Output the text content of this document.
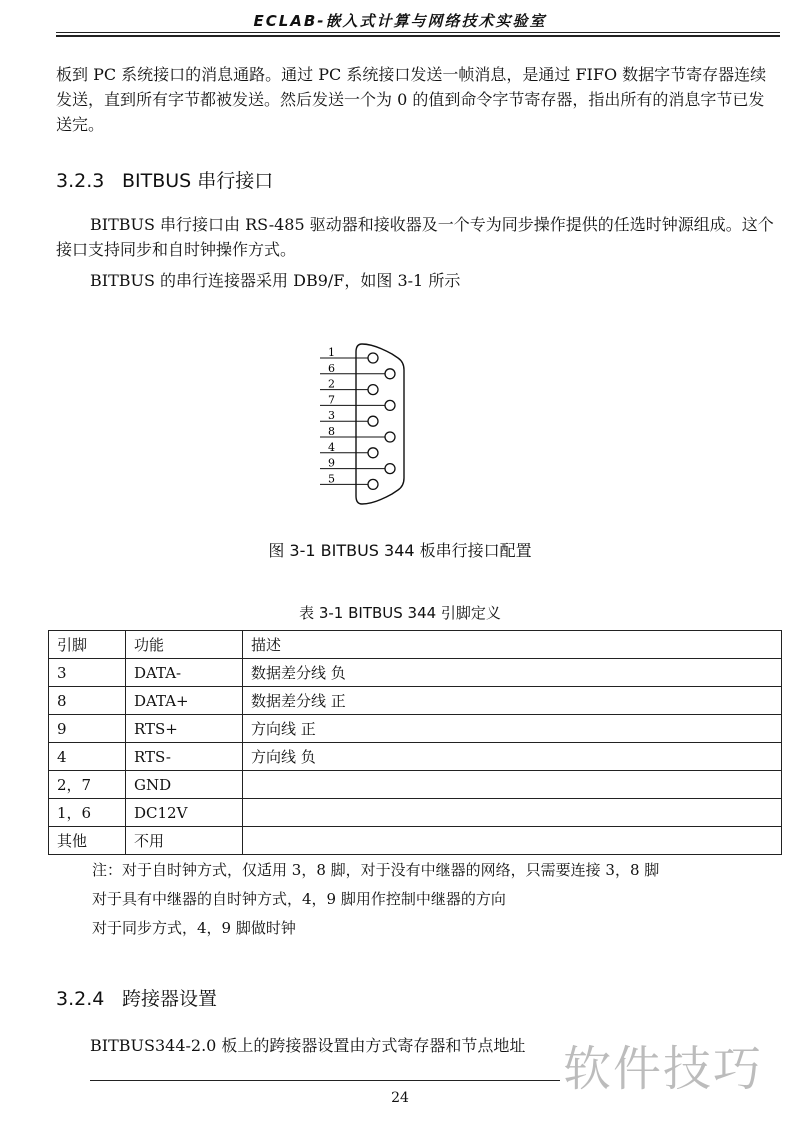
ECLAB-嵌入式计算与网络技术实验室

板到 PC 系统接口的消息通路。通过 PC 系统接口发送一帧消息，是通过 FIFO 数据字节寄存器连续发送，直到所有字节都被发送。然后发送一个为 0 的值到命令字节寄存器，指出所有的消息字节已发送完。

3.2.3 BITBUS 串行接口

BITBUS 串行接口由 RS-485 驱动器和接收器及一个专为同步操作提供的任选时钟源组成。这个接口支持同步和自时钟操作方式。

BITBUS 的串行连接器采用 DB9/F，如图 3-1 所示

1
6
2
7
3
8
4
9
5

图 3-1 BITBUS 344 板串行接口配置

表 3-1 BITBUS 344 引脚定义

引脚	功能	描述
3	DATA-	数据差分线 负
8	DATA+	数据差分线 正
9	RTS+	方向线 正
4	RTS-	方向线 负
2，7	GND	
1，6	DC12V	
其他	不用	
注：对于自时钟方式，仅适用 3，8 脚，对于没有中继器的网络，只需要连接 3，8 脚
对于具有中继器的自时钟方式，4，9 脚用作控制中继器的方向
对于同步方式，4，9 脚做时钟
3.2.4 跨接器设置

BITBUS344-2.0 板上的跨接器设置由方式寄存器和节点地址

24
软件技巧
